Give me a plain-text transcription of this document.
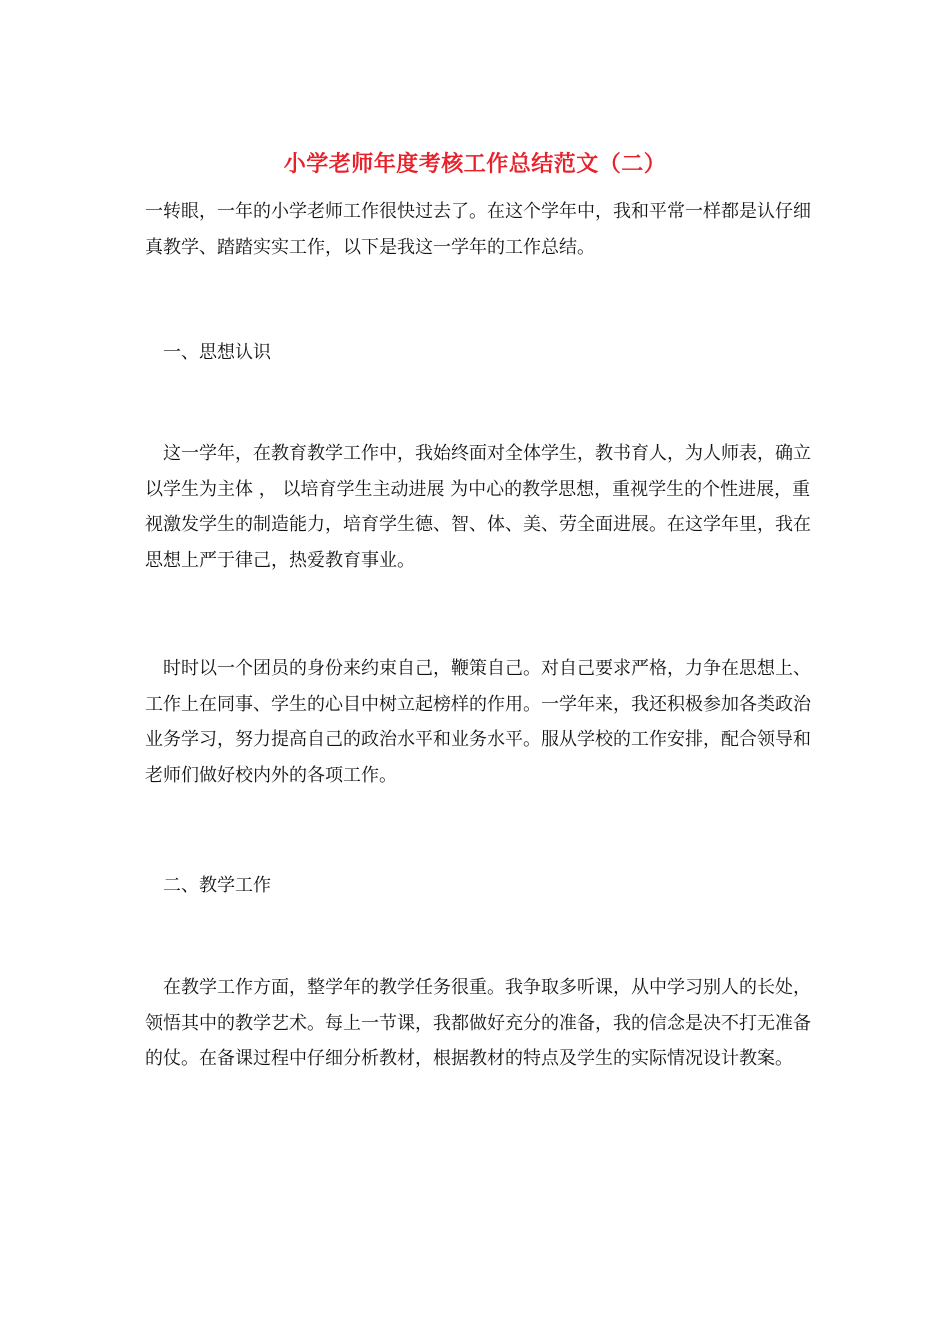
小学老师年度考核工作总结范文（二）

一转眼，一年的小学老师工作很快过去了。在这个学年中，我和平常一样都是认仔细真教学、踏踏实实工作，以下是我这一学年的工作总结。

一、思想认识

　这一学年，在教育教学工作中，我始终面对全体学生，教书育人，为人师表，确立 以学生为主体 ， 以培育学生主动进展 为中心的教学思想，重视学生的个性进展，重视激发学生的制造能力，培育学生德、智、体、美、劳全面进展。在这学年里，我在思想上严于律己，热爱教育事业。

　时时以一个团员的身份来约束自己，鞭策自己。对自己要求严格，力争在思想上、工作上在同事、学生的心目中树立起榜样的作用。一学年来，我还积极参加各类政治业务学习，努力提高自己的政治水平和业务水平。服从学校的工作安排，配合领导和老师们做好校内外的各项工作。

二、教学工作

　在教学工作方面，整学年的教学任务很重。我争取多听课，从中学习别人的长处，领悟其中的教学艺术。每上一节课，我都做好充分的准备，我的信念是决不打无准备的仗。在备课过程中仔细分析教材，根据教材的特点及学生的实际情况设计教案。
